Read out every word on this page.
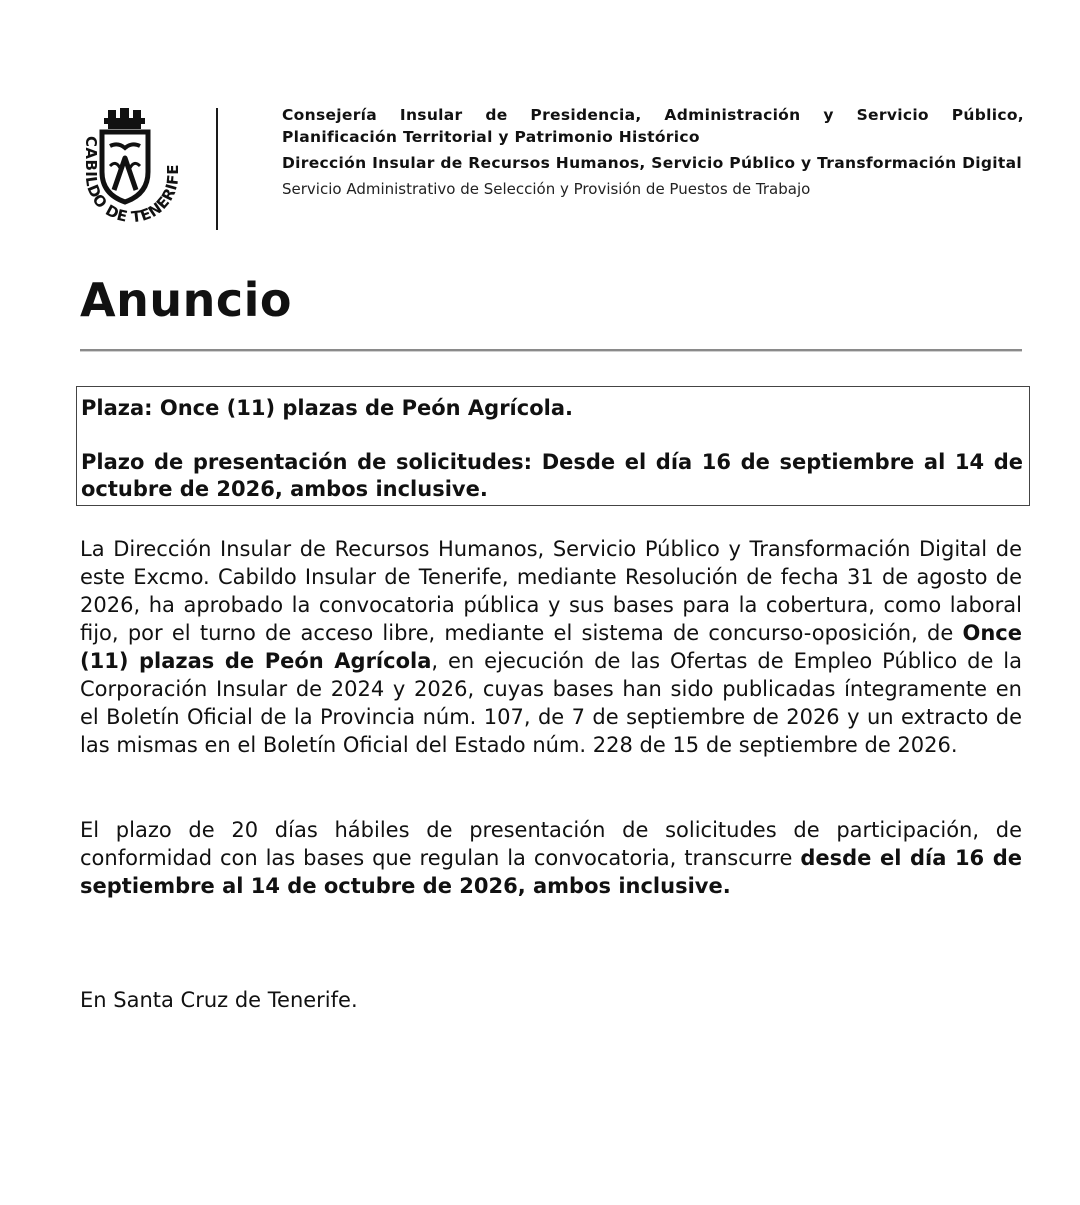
CABILDO DE TENERIFE

Consejería Insular de Presidencia, Administración y Servicio Público, Planificación Territorial y Patrimonio Histórico

Dirección Insular de Recursos Humanos, Servicio Público y Transformación Digital

Servicio Administrativo de Selección y Provisión de Puestos de Trabajo
Anuncio

Plaza: Once (11) plazas de Peón Agrícola.

Plazo de presentación de solicitudes: Desde el día 16 de septiembre al 14 de octubre de 2026, ambos inclusive.

La Dirección Insular de Recursos Humanos, Servicio Público y Transformación Digital de este Excmo. Cabildo Insular de Tenerife, mediante Resolución de fecha 31 de agosto de 2026, ha aprobado la convocatoria pública y sus bases para la cobertura, como laboral fijo, por el turno de acceso libre, mediante el sistema de concurso-oposición, de Once (11) plazas de Peón Agrícola, en ejecución de las Ofertas de Empleo Público de la Corporación Insular de 2024 y 2026, cuyas bases han sido publicadas íntegramente en el Boletín Oficial de la Provincia núm. 107, de 7 de septiembre de 2026 y un extracto de las mismas en el Boletín Oficial del Estado núm. 228 de 15 de septiembre de 2026.

El plazo de 20 días hábiles de presentación de solicitudes de participación, de conformidad con las bases que regulan la convocatoria, transcurre desde el día 16 de septiembre al 14 de octubre de 2026, ambos inclusive.

En Santa Cruz de Tenerife.
